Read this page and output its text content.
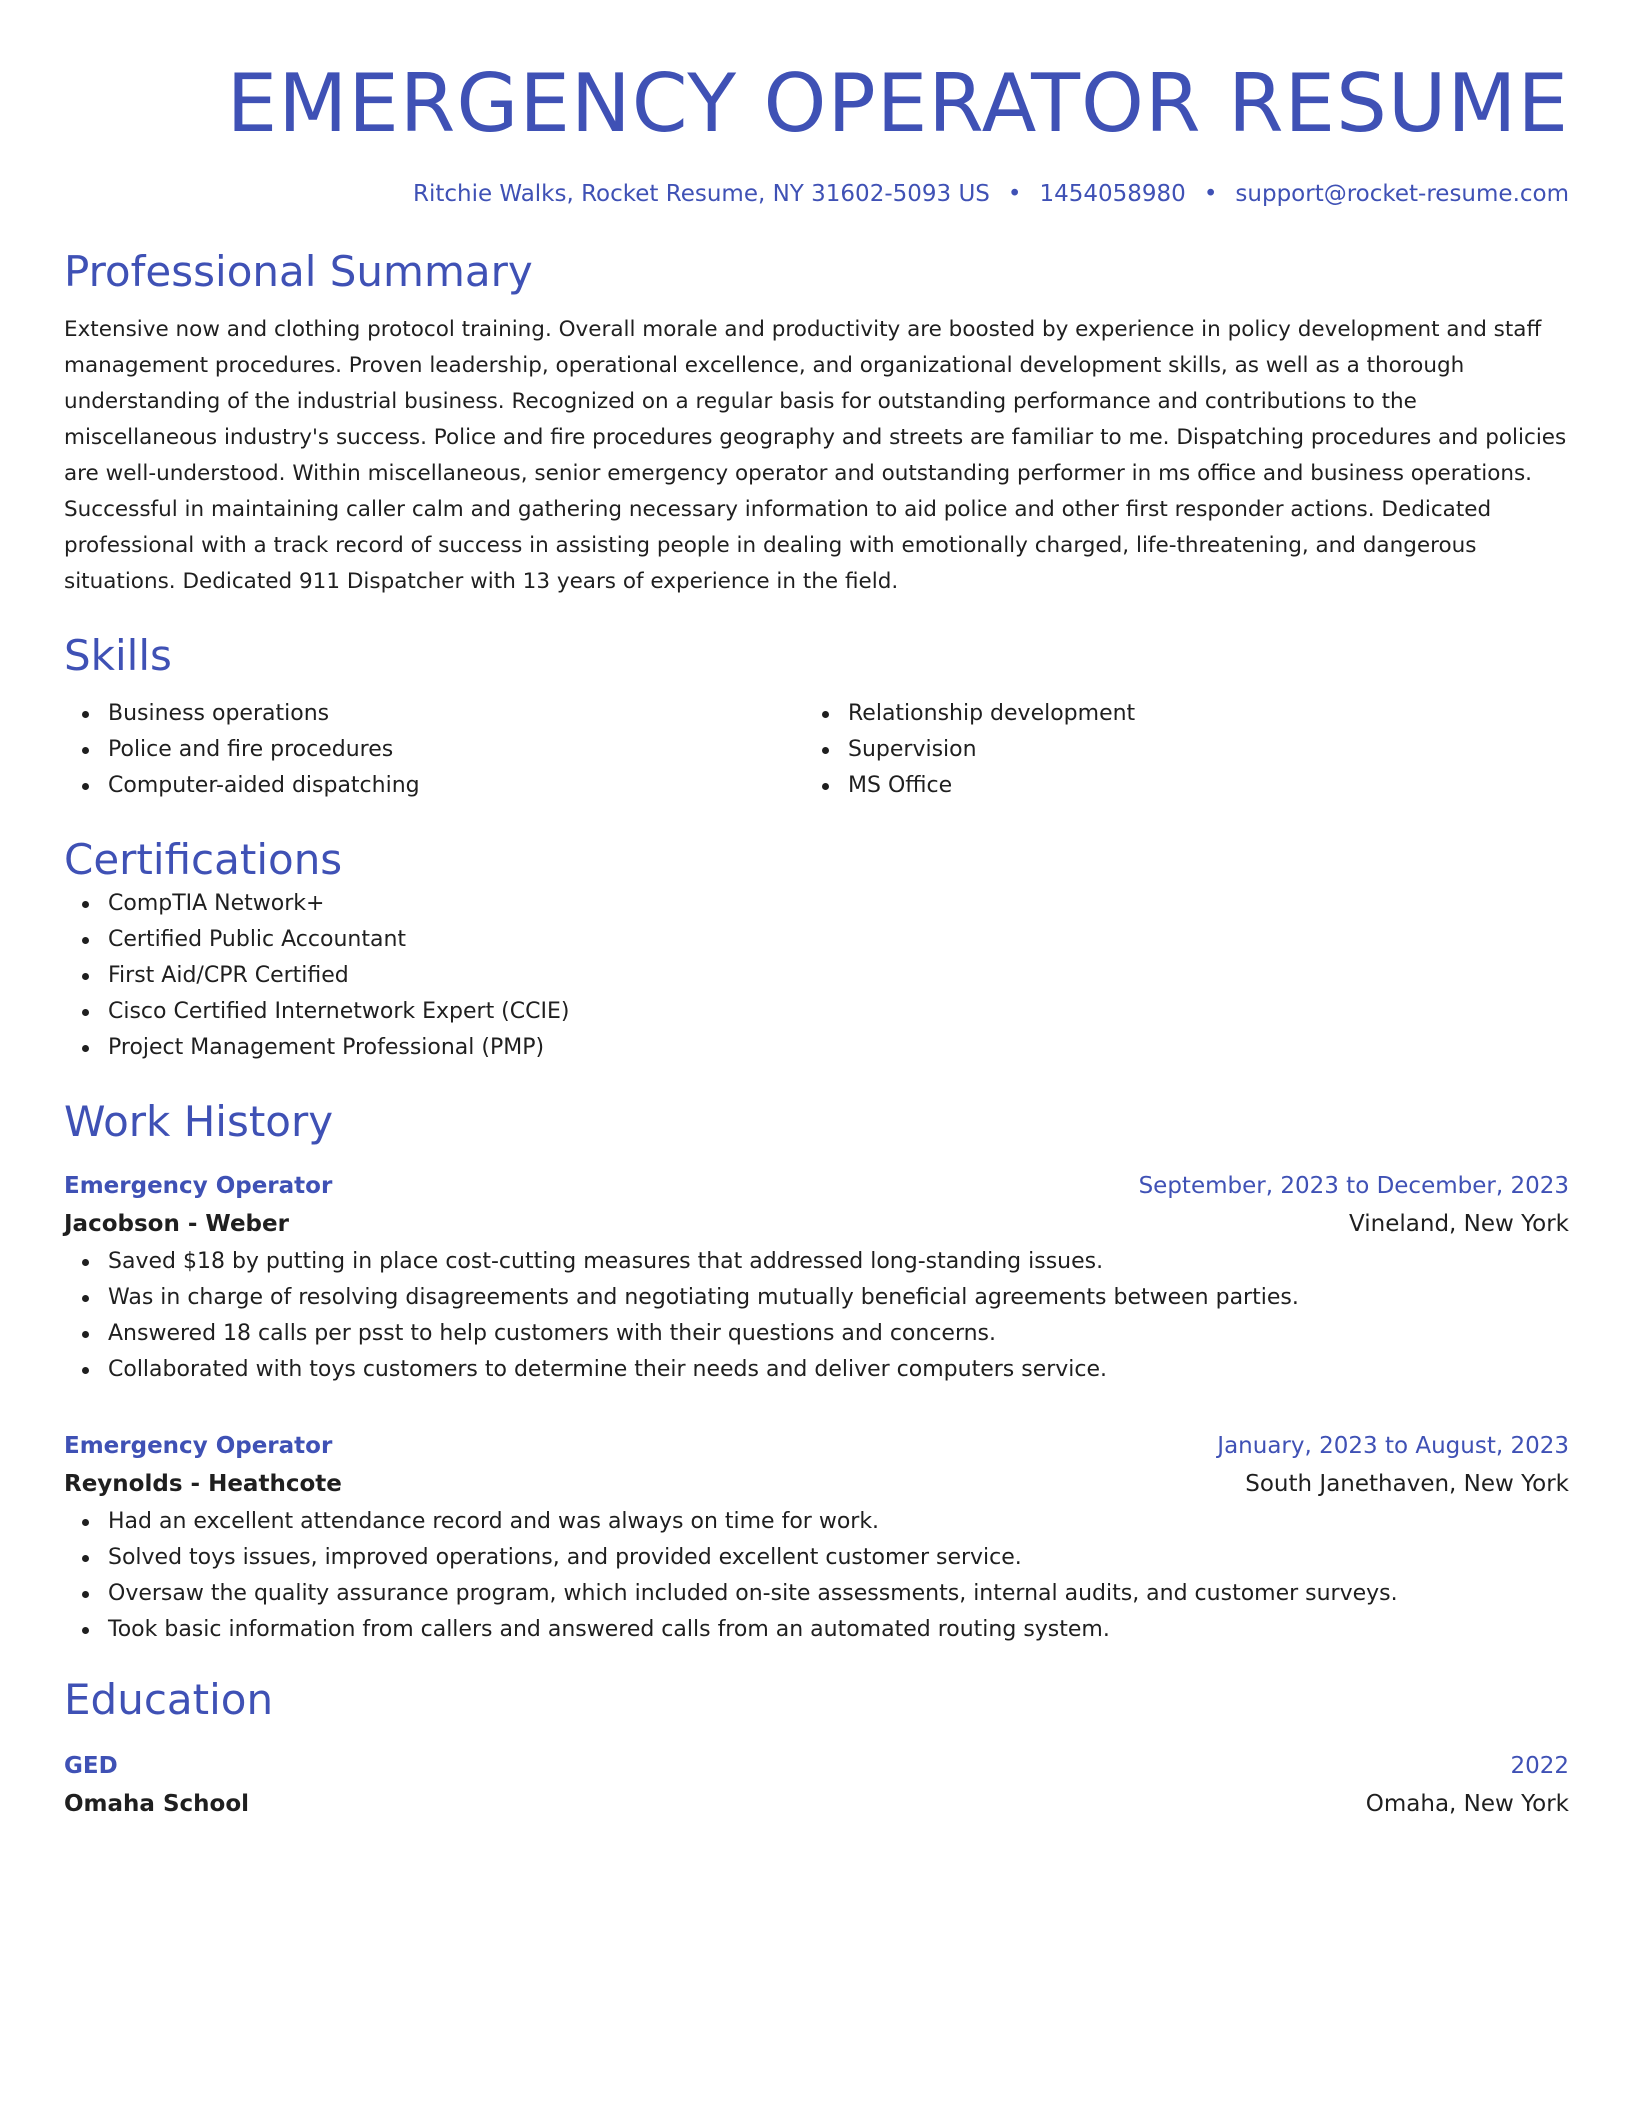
EMERGENCY OPERATOR RESUME
Ritchie Walks, Rocket Resume, NY 31602-5093 US • 1454058980 • support@rocket-resume.com
Professional Summary
Extensive now and clothing protocol training. Overall morale and productivity are boosted by experience in policy development and staff management procedures. Proven leadership, operational excellence, and organizational development skills, as well as a thorough understanding of the industrial business. Recognized on a regular basis for outstanding performance and contributions to the miscellaneous industry's success. Police and fire procedures geography and streets are familiar to me. Dispatching procedures and policies are well-understood. Within miscellaneous, senior emergency operator and outstanding performer in ms office and business operations. Successful in maintaining caller calm and gathering necessary information to aid police and other first responder actions. Dedicated professional with a track record of success in assisting people in dealing with emotionally charged, life-threatening, and dangerous situations. Dedicated 911 Dispatcher with 13 years of experience in the field.
Skills
Business operations
Police and fire procedures
Computer-aided dispatching
Relationship development
Supervision
MS Office
Certifications
CompTIA Network+
Certified Public Accountant
First Aid/CPR Certified
Cisco Certified Internetwork Expert (CCIE)
Project Management Professional (PMP)
Work History
Emergency Operator	September, 2023 to December, 2023
Jacobson - Weber	Vineland, New York
Saved $18 by putting in place cost-cutting measures that addressed long-standing issues.
Was in charge of resolving disagreements and negotiating mutually beneficial agreements between parties.
Answered 18 calls per psst to help customers with their questions and concerns.
Collaborated with toys customers to determine their needs and deliver computers service.
Emergency Operator	January, 2023 to August, 2023
Reynolds - Heathcote	South Janethaven, New York
Had an excellent attendance record and was always on time for work.
Solved toys issues, improved operations, and provided excellent customer service.
Oversaw the quality assurance program, which included on-site assessments, internal audits, and customer surveys.
Took basic information from callers and answered calls from an automated routing system.
Education
GED	2022
Omaha School	Omaha, New York
